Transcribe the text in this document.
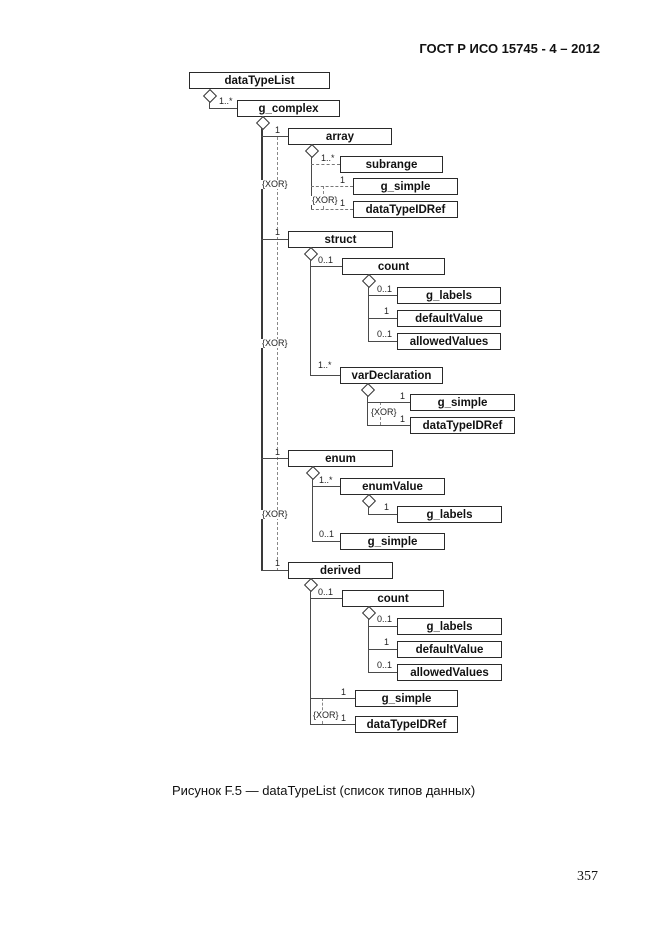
ГОСТ Р ИСО 15745 - 4 – 2012
dataTypeList
g_complex
array
subrange
g_simple
dataTypeIDRef
struct
count
g_labels
defaultValue
allowedValues
varDeclaration
g_simple
dataTypeIDRef
enum
enumValue
g_labels
g_simple
derived
count
g_labels
defaultValue
allowedValues
g_simple
dataTypeIDRef
1..*
1
1..*
1
1
1
0..1
0..1
1
0..1
1..*
1
1
1
1..*
1
0..1
1
0..1
0..1
1
0..1
1
1
{XOR}
{XOR}
{XOR}
{XOR}
{XOR}
{XOR}
Рисунок F.5 — dataTypeList (список типов данных)
357
